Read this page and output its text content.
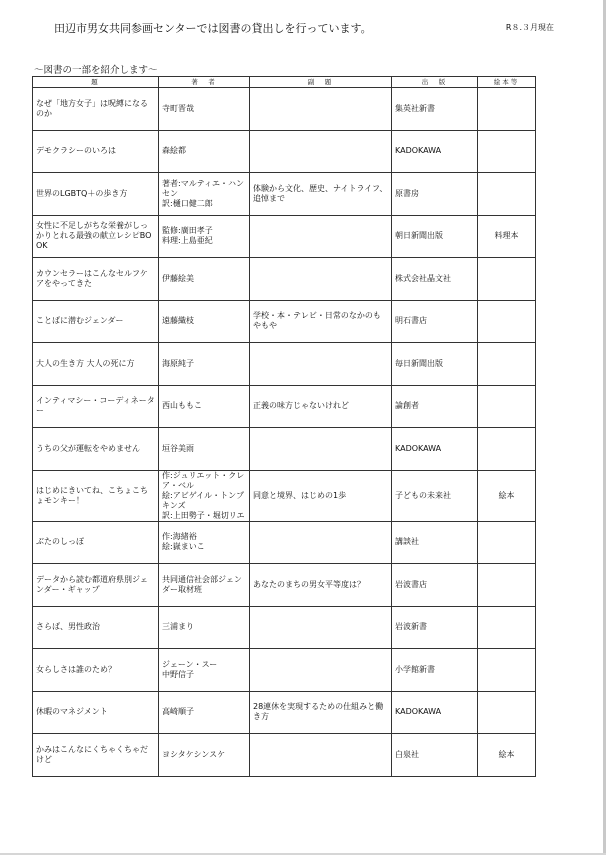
田辺市男女共同参画センターでは図書の貸出しを行っています。	R８.３月現在
～図書の一部を紹介します～
題	著　者	副　題	出　版	絵本等
なぜ「地方女子」は呪縛になるのか	寺町晋哉		集英社新書	
デモクラシーのいろは	森絵都		KADOKAWA	
世界のLGBTQ＋の歩き方	著者:マルティエ・ハンセン
訳:樋口健二郎	体験から文化、歴史、ナイトライフ、追悼まで	原書房	
女性に不足しがちな栄養がしっかりとれる最強の献立レシピBOOK	監修:廣田孝子
料理:上島亜紀		朝日新聞出版	料理本
カウンセラーはこんなセルフケアをやってきた	伊藤絵美		株式会社晶文社	
ことばに潜むジェンダー	遠藤織枝	学校・本・テレビ・日常のなかのもやもや	明石書店	
大人の生き方 大人の死に方	海原純子		毎日新聞出版	
インティマシー・コーディネーター	西山ももこ	正義の味方じゃないけれど	論創者	
うちの父が運転をやめません	垣谷美雨		KADOKAWA	
はじめにきいてね、こちょこちょモンキー！	作:ジュリエット・クレア・ベル
絵:アビゲイル・トンプキンズ
訳:上田勢子・堀切リエ	同意と境界、はじめの1歩	子どもの未来社	絵本
ぶたのしっぽ	作:海緒裕
絵:嶽まいこ		講談社	
データから読む都道府県別ジェンダー・ギャップ	共同通信社会部ジェンダー取材班	あなたのまちの男女平等度は？	岩波書店	
さらば、男性政治	三浦まり		岩波新書	
女らしさは誰のため？	ジェーン・スー
中野信子		小学館新書	
休暇のマネジメント	高崎順子	28連休を実現するための仕組みと働き方	KADOKAWA	
かみはこんなにくちゃくちゃだけど	ヨシタケシンスケ		白泉社	絵本
